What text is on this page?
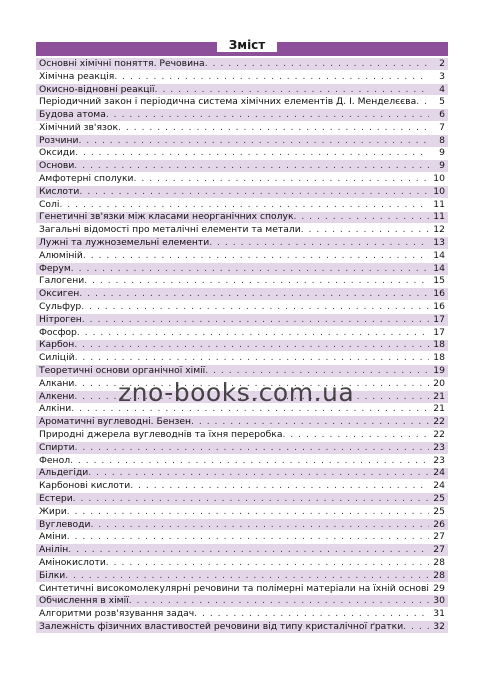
Зміст
Основні хімічні поняття. Речовина . . .	2
Хімічна реакція . . .	3
Окисно-відновні реакції . . .	4
Періодичний закон і періодична система хімічних елементів Д. І. Менделєєва . . .	5
Будова атома . . .	6
Хімічний зв'язок . . .	7
Розчини . . .	8
Оксиди . . .	9
Основи . . .	9
Амфотерні сполуки . . .	10
Кислоти . . .	10
Солі . . .	11
Генетичні зв'язки між класами неорганічних сполук . . .	11
Загальні відомості про металічні елементи та метали . . .	12
Лужні та лужноземельні елементи . . .	13
Алюміній . . .	14
Ферум . . .	14
Галогени . . .	15
Оксиген . . .	16
Сульфур . . .	16
Нітроген . . .	17
Фосфор . . .	17
Карбон . . .	18
Силіцій . . .	18
Теоретичні основи органічної хімії . . .	19
Алкани . . .	20
Алкени . . .	21
Алкіни . . .	21
Ароматичні вуглеводні. Бензен . . .	22
Природні джерела вуглеводнів та їхня переробка . . .	22
Спирти . . .	23
Фенол . . .	23
Альдегіди . . .	24
Карбонові кислоти . . .	24
Естери . . .	25
Жири . . .	25
Вуглеводи . . .	26
Аміни . . .	27
Анілін . . .	27
Амінокислоти . . .	28
Білки . . .	28
Синтетичні високомолекулярні речовини та полімерні матеріали на їхній основі . . . 29
Обчислення в хімії . . .	30
Алгоритми розв'язування задач . . .	31
Залежність фізичних властивостей речовини від типу кристалічної ґратки . . .	32
zno-books.com.ua
